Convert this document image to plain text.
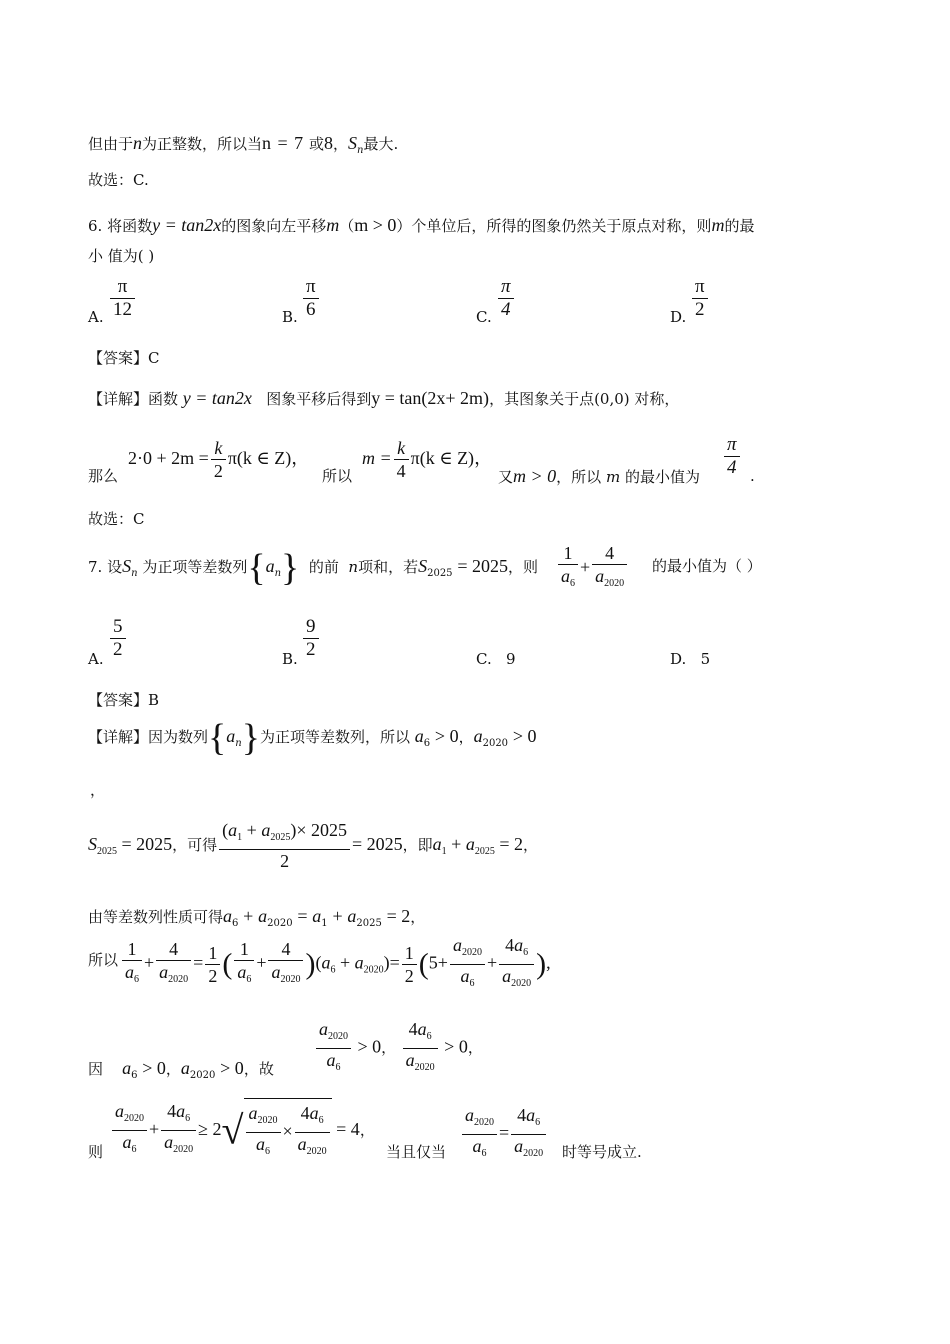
但由于n为正整数，所以当n = 7 或8，$S_n$最大.
故选：C.
6. 将函数y = tan2x的图象向左平移m（m > 0）个单位后，所得的图象仍然关于原点对称，则m的最
小 值为( )
A.
π
12	B.
π
6	C.
π
4	D.
π
2
【答案】C
【详解】函数 y = tan2x 图象平移后得到y = tan(2x+ 2m)，其图象关于点(0,0) 对称，
那么
$2\cdot 0 + 2m = \frac{k}{2} \pi(k$ ∈ Z)，
所以
$m = \frac{k}{4} \pi(k$ ∈ Z)，
又m > 0，所以 m 的最小值为
π
4 .
故选：C
7. 设$S_n$ 为正项等差数列$\{a_n\}$ 的前 n项和，若$S_{2025} = 2025$，则 $\frac{1}{a_6} + \frac{4}{a_{2020}}$ 的最小值为（ ）
A.
5
2	B.
9
2	C. 9	D. 5
【答案】B
【详解】因为数列$\{a_n\}$为正项等差数列，所以 $a_6 > 0$，$a_{2020} > 0$
，
$S_{2025} = 2025$，可得 $\frac{(a_1 + a_{2025})\times 2025}{2} = 2025$，即$a_1 + a_{2025} = 2$，
由等差数列性质可得$a_6 + a_{2020} = a_1 + a_{2025} = 2$，
所以 $\frac{1}{a_6} + \frac{4}{a_{2020}} = \frac{1}{2}$ ( $\frac{1}{a_6} + \frac{4}{a_{2020}} )(a_6 + a_{2020})= \frac{1}{2} (5+ \frac{a_{2020}}{a_6} + \frac{4a_6}{a_{2020}}$ ),
因 $a_6 > 0$，$a_{2020} > 0$，故 $\frac{a_{2020}}{a_6} > 0$， $\frac{4a_6}{a_{2020}} > 0$，
则 $\frac{a_{2020}}{a_6} + \frac{4a_6}{a_{2020}} \ge 2√ \frac{a_{2020}}{a_6} \times \frac{4a_6}{a_{2020}} = 4$，
当且仅当 $\frac{a_{2020}}{a_6} = \frac{4a_6}{a_{2020}}$ 时等号成立.
